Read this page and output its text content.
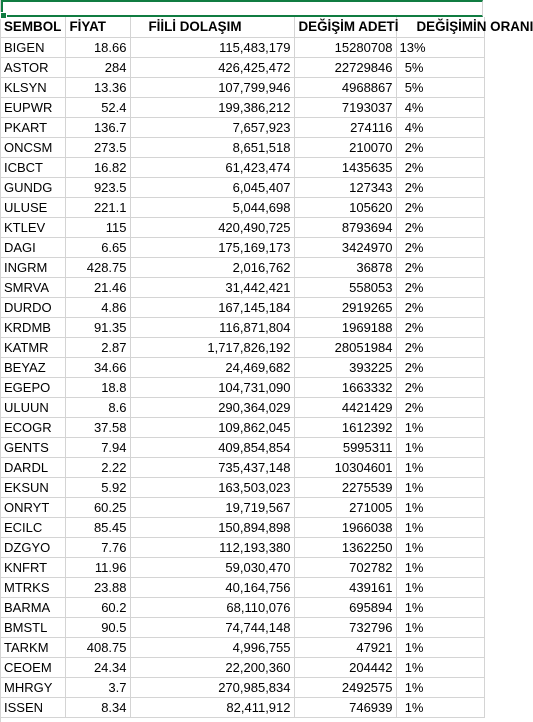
SEMBOL	FİYAT	FİİLİ DOLAŞIM	DEĞİŞİM ADETİ	DEĞİŞİMİN ORANI
BIGEN	18.66	115,483,179	15280708	13%
ASTOR	284	426,425,472	22729846	5%
KLSYN	13.36	107,799,946	4968867	5%
EUPWR	52.4	199,386,212	7193037	4%
PKART	136.7	7,657,923	274116	4%
ONCSM	273.5	8,651,518	210070	2%
ICBCT	16.82	61,423,474	1435635	2%
GUNDG	923.5	6,045,407	127343	2%
ULUSE	221.1	5,044,698	105620	2%
KTLEV	115	420,490,725	8793694	2%
DAGI	6.65	175,169,173	3424970	2%
INGRM	428.75	2,016,762	36878	2%
SMRVA	21.46	31,442,421	558053	2%
DURDO	4.86	167,145,184	2919265	2%
KRDMB	91.35	116,871,804	1969188	2%
KATMR	2.87	1,717,826,192	28051984	2%
BEYAZ	34.66	24,469,682	393225	2%
EGEPO	18.8	104,731,090	1663332	2%
ULUUN	8.6	290,364,029	4421429	2%
ECOGR	37.58	109,862,045	1612392	1%
GENTS	7.94	409,854,854	5995311	1%
DARDL	2.22	735,437,148	10304601	1%
EKSUN	5.92	163,503,023	2275539	1%
ONRYT	60.25	19,719,567	271005	1%
ECILC	85.45	150,894,898	1966038	1%
DZGYO	7.76	112,193,380	1362250	1%
KNFRT	11.96	59,030,470	702782	1%
MTRKS	23.88	40,164,756	439161	1%
BARMA	60.2	68,110,076	695894	1%
BMSTL	90.5	74,744,148	732796	1%
TARKM	408.75	4,996,755	47921	1%
CEOEM	24.34	22,200,360	204442	1%
MHRGY	3.7	270,985,834	2492575	1%
ISSEN	8.34	82,411,912	746939	1%
